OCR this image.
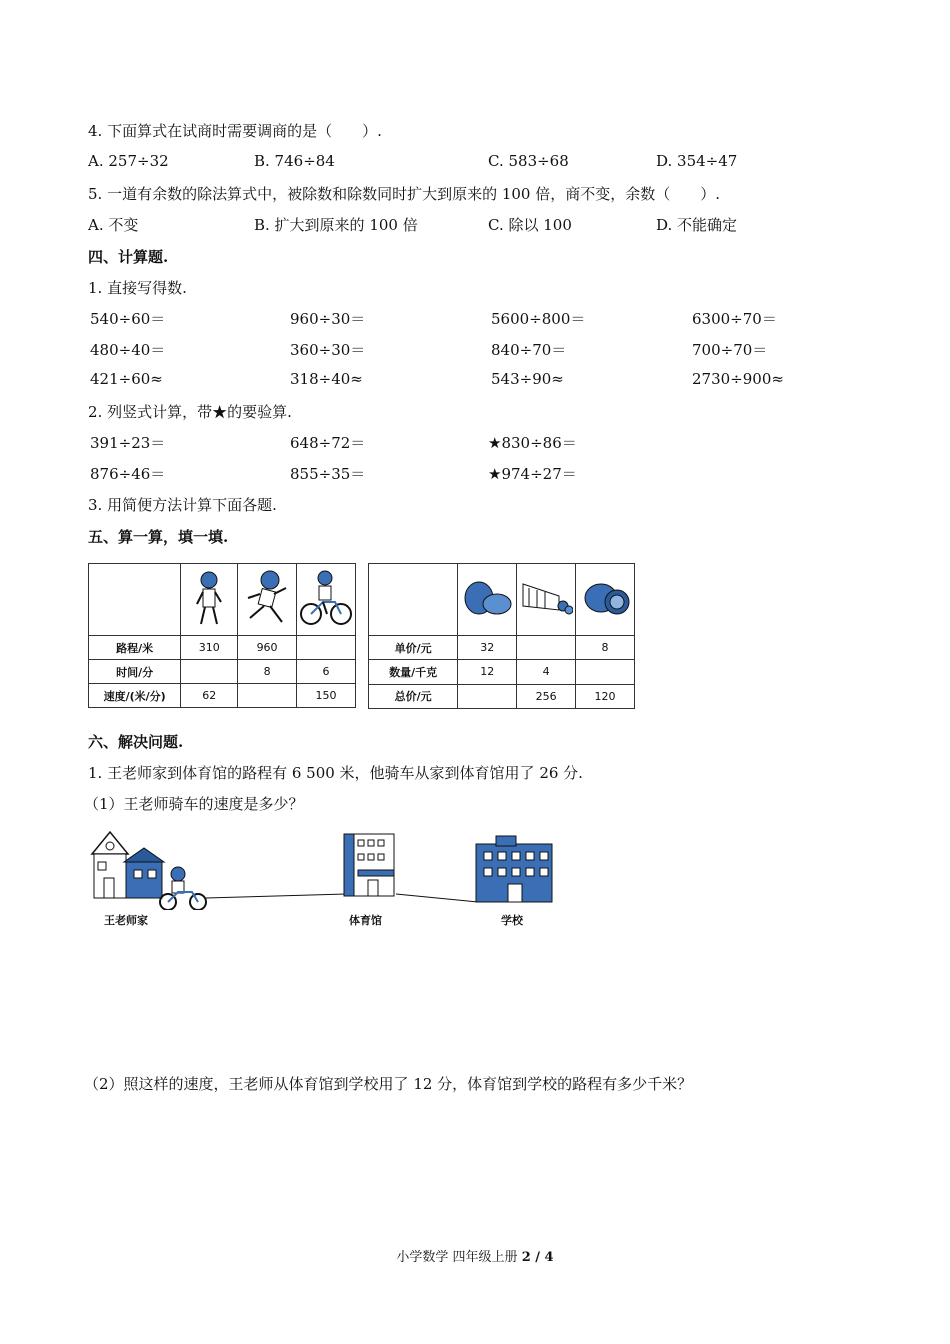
4. 下面算式在试商时需要调商的是（　　）.
A. 257÷32	B. 746÷84	C. 583÷68	D. 354÷47
5. 一道有余数的除法算式中，被除数和除数同时扩大到原来的 100 倍，商不变，余数（　　）.
A. 不变	B. 扩大到原来的 100 倍	C. 除以 100	D. 不能确定
四、计算题.
1. 直接写得数.
540÷60＝	960÷30＝	5600÷800＝	6300÷70＝
480÷40＝	360÷30＝	840÷70＝	700÷70＝
421÷60≈	318÷40≈	543÷90≈	2730÷900≈
2. 列竖式计算，带★的要验算.
391÷23＝	648÷72＝	★830÷86＝
876÷46＝	855÷35＝	★974÷27＝
3. 用简便方法计算下面各题.
五、算一算，填一填.

路程/米	310	960	
时间/分		8	6
速度/(米/分)	62		150

单价/元	32		8
数量/千克	12	4	
总价/元		256	120
六、解决问题.
1. 王老师家到体育馆的路程有 6 500 米，他骑车从家到体育馆用了 26 分.
（1）王老师骑车的速度是多少？
王老师家	体育馆	学校
（2）照这样的速度，王老师从体育馆到学校用了 12 分，体育馆到学校的路程有多少千米？
小学数学 四年级上册 2 / 4
